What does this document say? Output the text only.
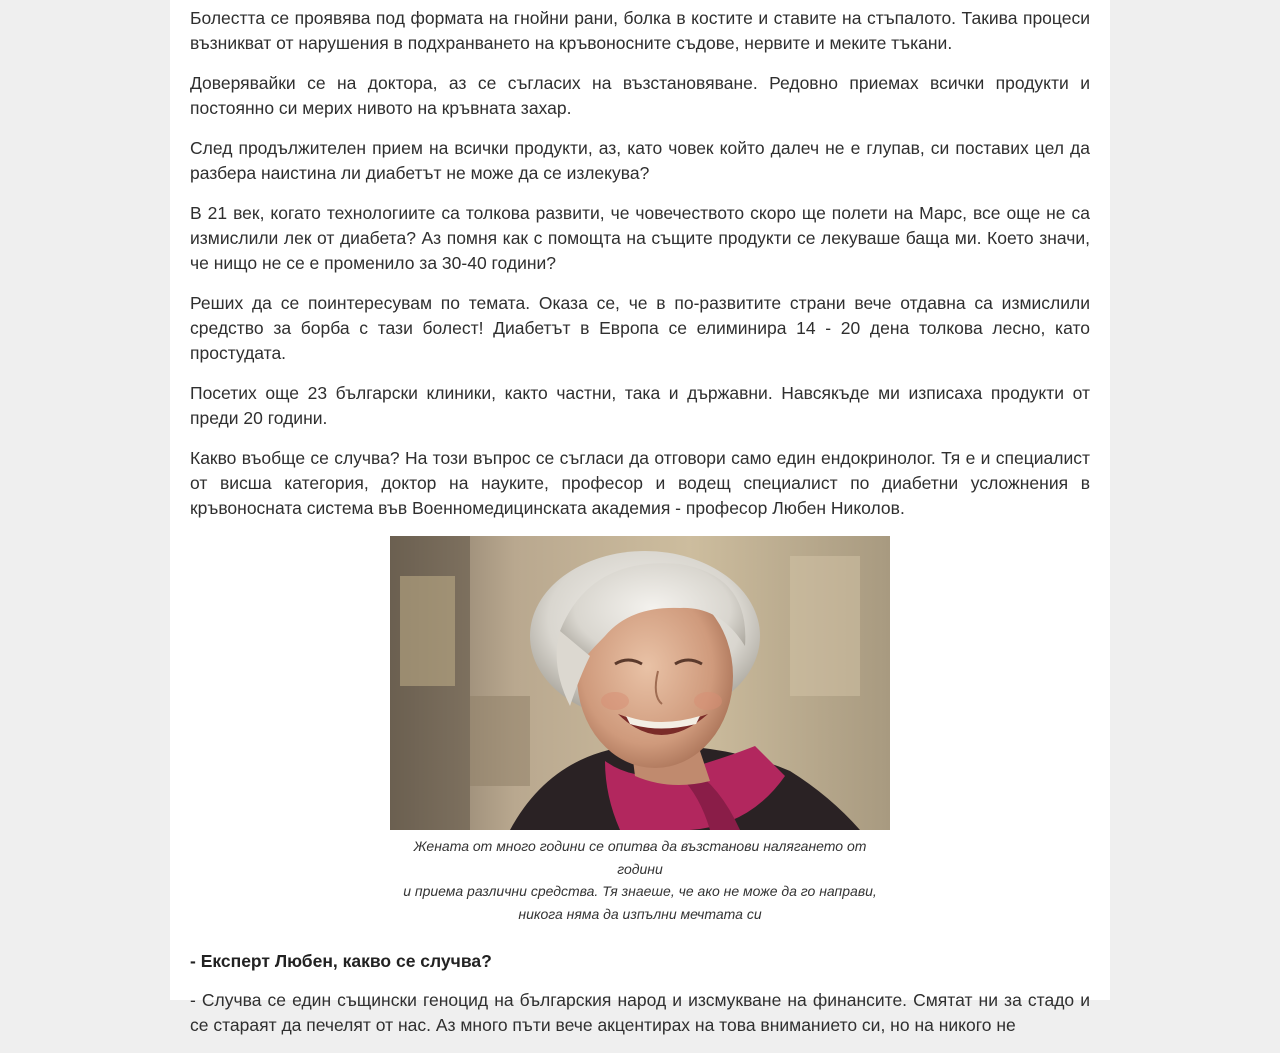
Болестта се проявява под формата на гнойни рани, болка в костите и ставите на стъпалото. Такива процеси възникват от нарушения в подхранването на кръвоносните съдове, нервите и меките тъкани.

Доверявайки се на доктора, аз се съгласих на възстановяване. Редовно приемах всички продукти и постоянно си мерих нивото на кръвната захар.

След продължителен прием на всички продукти, аз, като човек който далеч не е глупав, си поставих цел да разбера наистина ли диабетът не може да се излекува?

В 21 век, когато технологиите са толкова развити, че човечеството скоро ще полети на Марс, все още не са измислили лек от диабета? Аз помня как с помощта на същите продукти се лекуваше баща ми. Което значи, че нищо не се е променило за 30-40 години?

Реших да се поинтересувам по темата. Оказа се, че в по-развитите страни вече отдавна са измислили средство за борба с тази болест! Диабетът в Европа се елиминира 14 - 20 дена толкова лесно, като простудата.

Посетих още 23 български клиники, както частни, така и държавни. Навсякъде ми изписаха продукти от преди 20 години.

Какво въобще се случва? На този въпрос се съгласи да отговори само един ендокринолог. Тя е и специалист от висша категория, доктор на науките, професор и водещ специалист по диабетни усложнения в кръвоносната система във Военномедицинската академия - професор Любен Николов.

Жената от много години се опитва да възстанови налягането от години
и приема различни средства. Тя знаеше, че ако не може да го направи,
никога няма да изпълни мечтата си
- Експерт Любен, какво се случва?

- Случва се един същински геноцид на българския народ и изсмукване на финансите. Смятат ни за стадо и се стараят да печелят от нас. Аз много пъти вече акцентирах на това вниманието си, но на никого не
